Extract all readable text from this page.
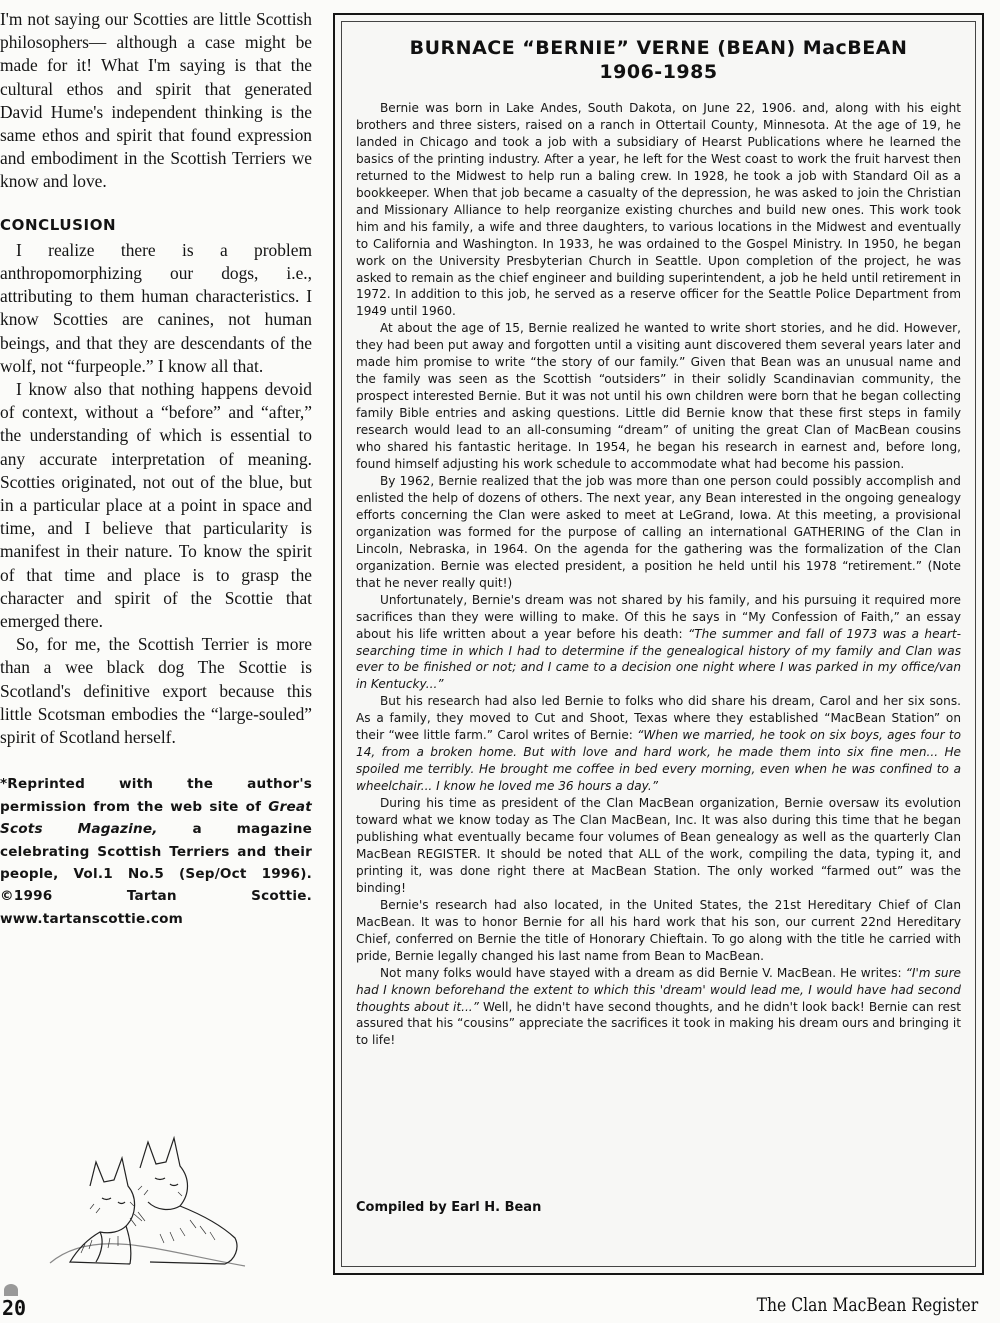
I'm not saying our Scotties are little Scottish philosophers— although a case might be made for it! What I'm saying is that the cultural ethos and spirit that generated David Hume's independent thinking is the same ethos and spirit that found expression and embodiment in the Scottish Terriers we know and love.

CONCLUSION

I realize there is a problem anthropomorphizing our dogs, i.e., attributing to them human characteristics. I know Scotties are canines, not human beings, and that they are descendants of the wolf, not “furpeople.” I know all that.

I know also that nothing happens devoid of context, without a “before” and “after,” the understanding of which is essential to any accurate interpretation of meaning. Scotties originated, not out of the blue, but in a particular place at a point in space and time, and I believe that particularity is manifest in their nature. To know the spirit of that time and place is to grasp the character and spirit of the Scottie that emerged there.

So, for me, the Scottish Terrier is more than a wee black dog The Scottie is Scotland's definitive export because this little Scotsman embodies the “large-souled” spirit of Scotland herself.

*Reprinted with the author's permission from the web site of Great Scots Magazine, a magazine celebrating Scottish Terriers and their people, Vol.1 No.5 (Sep/Oct 1996). ©1996 Tartan Scottie. www.tartanscottie.com
BURNACE “BERNIE” VERNE (BEAN) MacBEAN
1906-1985

Bernie was born in Lake Andes, South Dakota, on June 22, 1906. and, along with his eight brothers and three sisters, raised on a ranch in Ottertail County, Minnesota. At the age of 19, he landed in Chicago and took a job with a subsidiary of Hearst Publications where he learned the basics of the printing industry. After a year, he left for the West coast to work the fruit harvest then returned to the Midwest to help run a baling crew. In 1928, he took a job with Standard Oil as a bookkeeper. When that job became a casualty of the depression, he was asked to join the Christian and Missionary Alliance to help reorganize existing churches and build new ones. This work took him and his family, a wife and three daughters, to various locations in the Midwest and eventually to California and Washington. In 1933, he was ordained to the Gospel Ministry. In 1950, he began work on the University Presbyterian Church in Seattle. Upon completion of the project, he was asked to remain as the chief engineer and building superintendent, a job he held until retirement in 1972. In addition to this job, he served as a reserve officer for the Seattle Police Department from 1949 until 1960.

At about the age of 15, Bernie realized he wanted to write short stories, and he did. However, they had been put away and forgotten until a visiting aunt discovered them several years later and made him promise to write “the story of our family.” Given that Bean was an unusual name and the family was seen as the Scottish “outsiders” in their solidly Scandinavian community, the prospect interested Bernie. But it was not until his own children were born that he began collecting family Bible entries and asking questions. Little did Bernie know that these first steps in family research would lead to an all-consuming “dream” of uniting the great Clan of MacBean cousins who shared his fantastic heritage. In 1954, he began his research in earnest and, before long, found himself adjusting his work schedule to accommodate what had become his passion.

By 1962, Bernie realized that the job was more than one person could possibly accomplish and enlisted the help of dozens of others. The next year, any Bean interested in the ongoing genealogy efforts concerning the Clan were asked to meet at LeGrand, Iowa. At this meeting, a provisional organization was formed for the purpose of calling an international GATHERING of the Clan in Lincoln, Nebraska, in 1964. On the agenda for the gathering was the formalization of the Clan organization. Bernie was elected president, a position he held until his 1978 “retirement.” (Note that he never really quit!)

Unfortunately, Bernie's dream was not shared by his family, and his pursuing it required more sacrifices than they were willing to make. Of this he says in “My Confession of Faith,” an essay about his life written about a year before his death: “The summer and fall of 1973 was a heart-searching time in which I had to determine if the genealogical history of my family and Clan was ever to be finished or not; and I came to a decision one night where I was parked in my office/van in Kentucky...”

But his research had also led Bernie to folks who did share his dream, Carol and her six sons. As a family, they moved to Cut and Shoot, Texas where they established “MacBean Station” on their “wee little farm.” Carol writes of Bernie: “When we married, he took on six boys, ages four to 14, from a broken home. But with love and hard work, he made them into six fine men... He spoiled me terribly. He brought me coffee in bed every morning, even when he was confined to a wheelchair... I know he loved me 36 hours a day.”

During his time as president of the Clan MacBean organization, Bernie oversaw its evolution toward what we know today as The Clan MacBean, Inc. It was also during this time that he began publishing what eventually became four volumes of Bean genealogy as well as the quarterly Clan MacBean REGISTER. It should be noted that ALL of the work, compiling the data, typing it, and printing it, was done right there at MacBean Station. The only worked “farmed out” was the binding!

Bernie's research had also located, in the United States, the 21st Hereditary Chief of Clan MacBean. It was to honor Bernie for all his hard work that his son, our current 22nd Hereditary Chief, conferred on Bernie the title of Honorary Chieftain. To go along with the title he carried with pride, Bernie legally changed his last name from Bean to MacBean.

Not many folks would have stayed with a dream as did Bernie V. MacBean. He writes: “I'm sure had I known beforehand the extent to which this 'dream' would lead me, I would have had second thoughts about it...” Well, he didn't have second thoughts, and he didn't look back! Bernie can rest assured that his “cousins” appreciate the sacrifices it took in making his dream ours and bringing it to life!

Compiled by Earl H. Bean
20	The Clan MacBean Register
